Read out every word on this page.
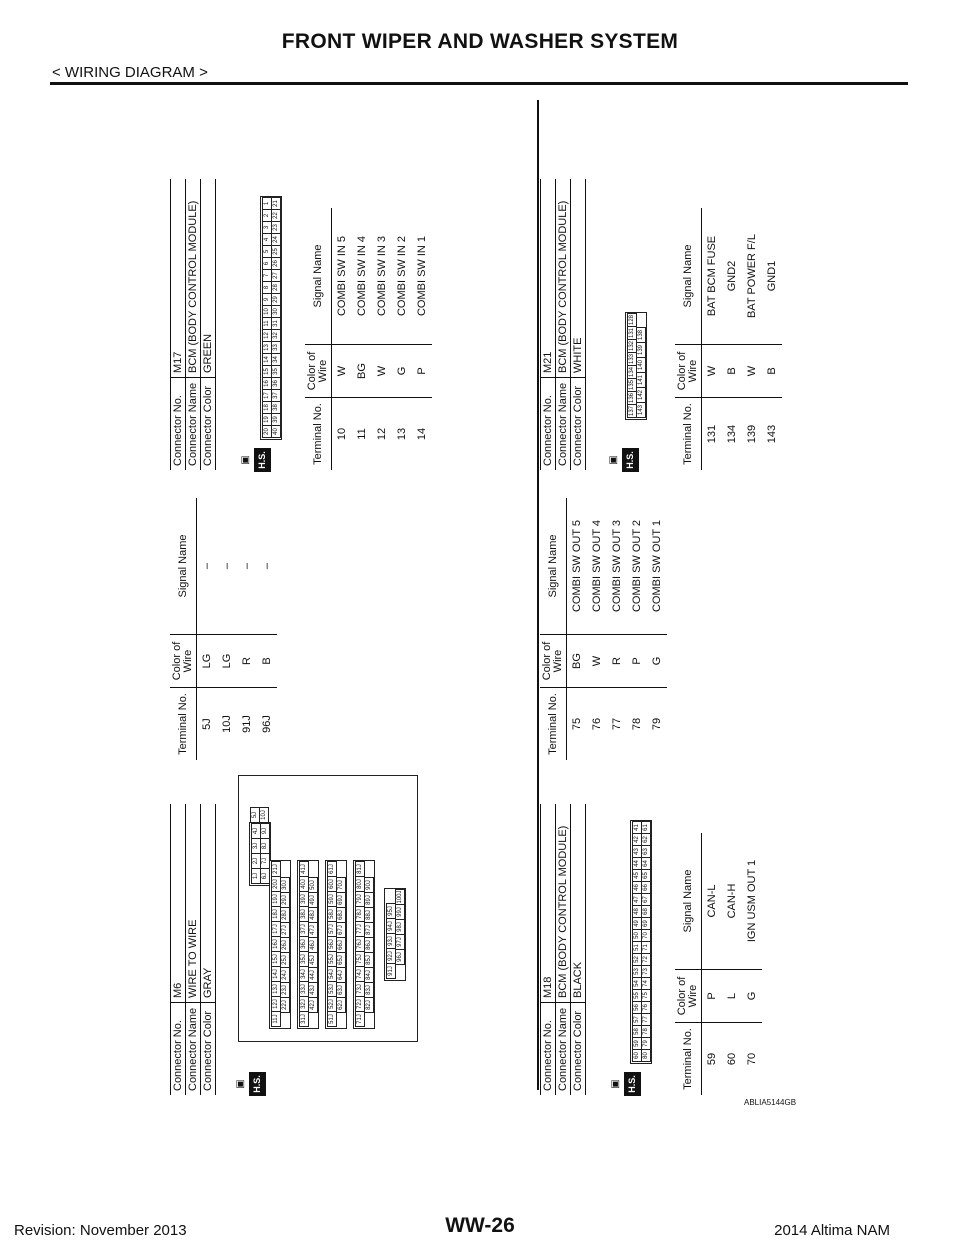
FRONT WIPER AND WASHER SYSTEM
< WIRING DIAGRAM >
Connector No.	M6
Connector Name	WIRE TO WIRE
Connector Color	GRAY
▣ H.S.
1J
2J
3J
4J
6J
7J
8J
9J
5J 10J
11J
12J
13J
14J
15J
16J
17J
18J
19J
20J
21J
22J
23J
24J
25J
26J
27J
28J
29J
30J
31J
32J
33J
34J
35J
36J
37J
38J
39J
40J
41J
42J
43J
44J
45J
46J
47J
48J
49J
50J
51J
52J
53J
54J
55J
56J
57J
58J
59J
60J
61J
62J
63J
64J
65J
66J
67J
68J
69J
70J
71J
72J
73J
74J
75J
76J
77J
78J
79J
80J
81J
82J
83J
84J
85J
86J
87J
88J
89J
90J
91J
92J
93J
94J
95J
96J
97J
98J
99J
100J
Terminal No.	Color of Wire	Signal Name
5J	LG	–
10J	LG	–
91J	R	–
96J	B	–
Connector No.	M17
Connector Name	BCM (BODY CONTROL MODULE)
Connector Color	GREEN
▣ H.S.
20
19
18
17
16
15
14
13
12
11
10
9
8
7
6
5
4
3
2
1
40
39
38
37
36
35
34
33
32
31
30
29
28
27
26
25
24
23
22
21
Terminal No.	Color of Wire	Signal Name
10	W	COMBI SW IN 5
11	BG	COMBI SW IN 4
12	W	COMBI SW IN 3
13	G	COMBI SW IN 2
14	P	COMBI SW IN 1
Connector No.	M18
Connector Name	BCM (BODY CONTROL MODULE)
Connector Color	BLACK
▣ H.S.
60
59
58
57
56
55
54
53
52
51
50
49
48
47
46
45
44
43
42
41
80
79
78
77
76
75
74
73
72
71
70
69
68
67
66
65
64
63
62
61
Terminal No.	Color of Wire	Signal Name
59	P	CAN-L
60	L	CAN-H
70	G	IGN USM OUT 1
Terminal No.	Color of Wire	Signal Name
75	BG	COMBI SW OUT 5
76	W	COMBI SW OUT 4
77	R	COMBI SW OUT 3
78	P	COMBI SW OUT 2
79	G	COMBI SW OUT 1
Connector No.	M21
Connector Name	BCM (BODY CONTROL MODULE)
Connector Color	WHITE
▣ H.S.
137
136
135
134
133
132
131
128
143
142
141
140
139
138
Terminal No.	Color of Wire	Signal Name
131	W	BAT BCM FUSE
134	B	GND2
139	W	BAT POWER F/L
143	B	GND1
ABLIA5144GB
Revision: November 2013	WW-26	2014 Altima NAM
